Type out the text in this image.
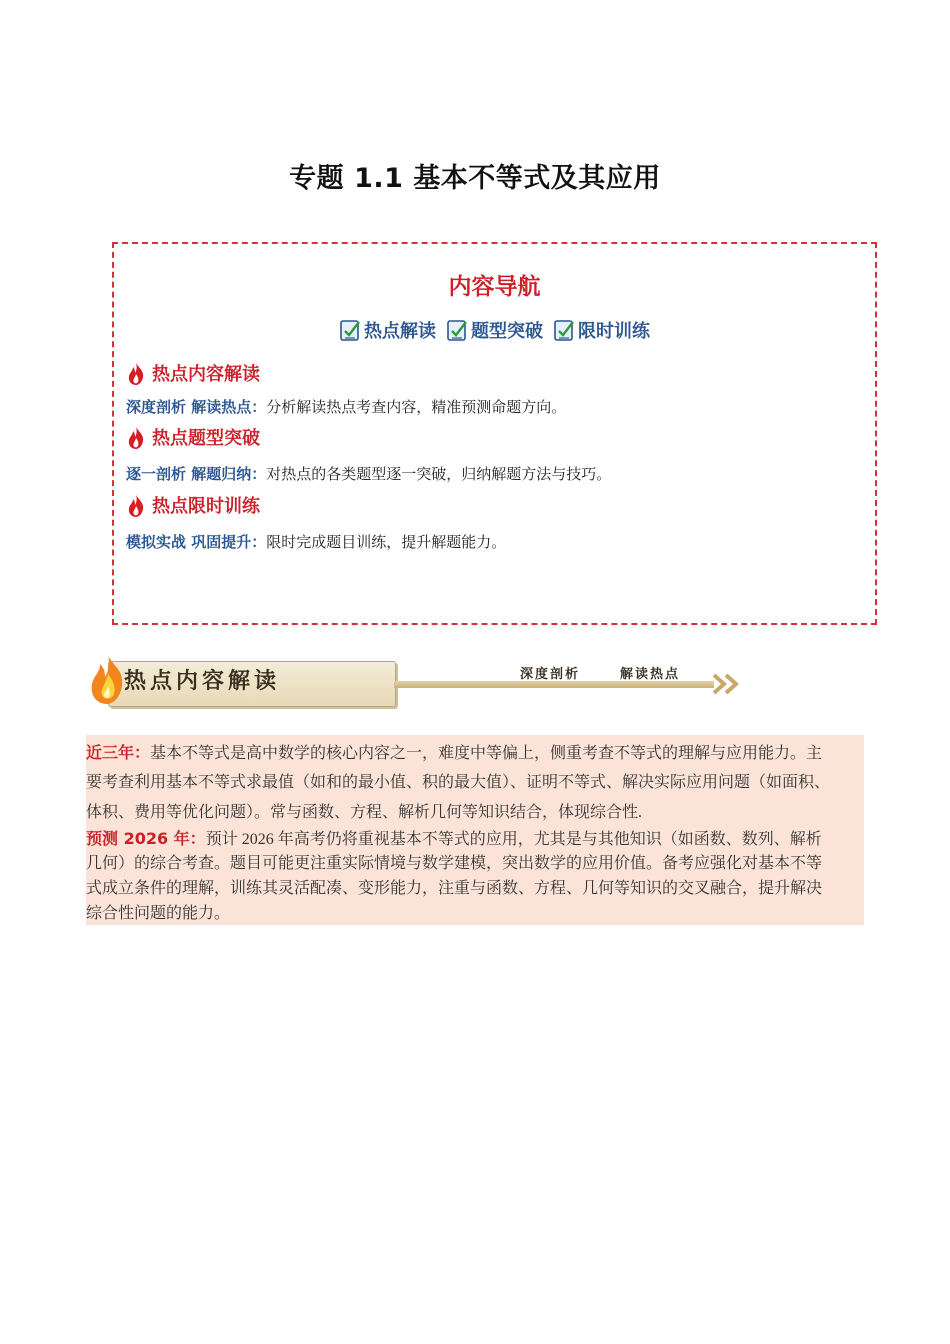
专题 1.1 基本不等式及其应用
内容导航
热点解读 题型突破 限时训练
热点内容解读
深度剖析 解读热点：分析解读热点考查内容，精准预测命题方向。
热点题型突破
逐一剖析 解题归纳：对热点的各类题型逐一突破，归纳解题方法与技巧。
热点限时训练
模拟实战 巩固提升：限时完成题目训练，提升解题能力。
热点内容解读	深度剖析	解读热点
近三年：基本不等式是高中数学的核心内容之一，难度中等偏上，侧重考查不等式的理解与应用能力。主
要考查利用基本不等式求最值（如和的最小值、积的最大值）、证明不等式、解决实际应用问题（如面积、
体积、费用等优化问题）。常与函数、方程、解析几何等知识结合，体现综合性.
预测 2026 年：预计 2026 年高考仍将重视基本不等式的应用，尤其是与其他知识（如函数、数列、解析
几何）的综合考查。题目可能更注重实际情境与数学建模，突出数学的应用价值。备考应强化对基本不等
式成立条件的理解，训练其灵活配凑、变形能力，注重与函数、方程、几何等知识的交叉融合，提升解决
综合性问题的能力。
